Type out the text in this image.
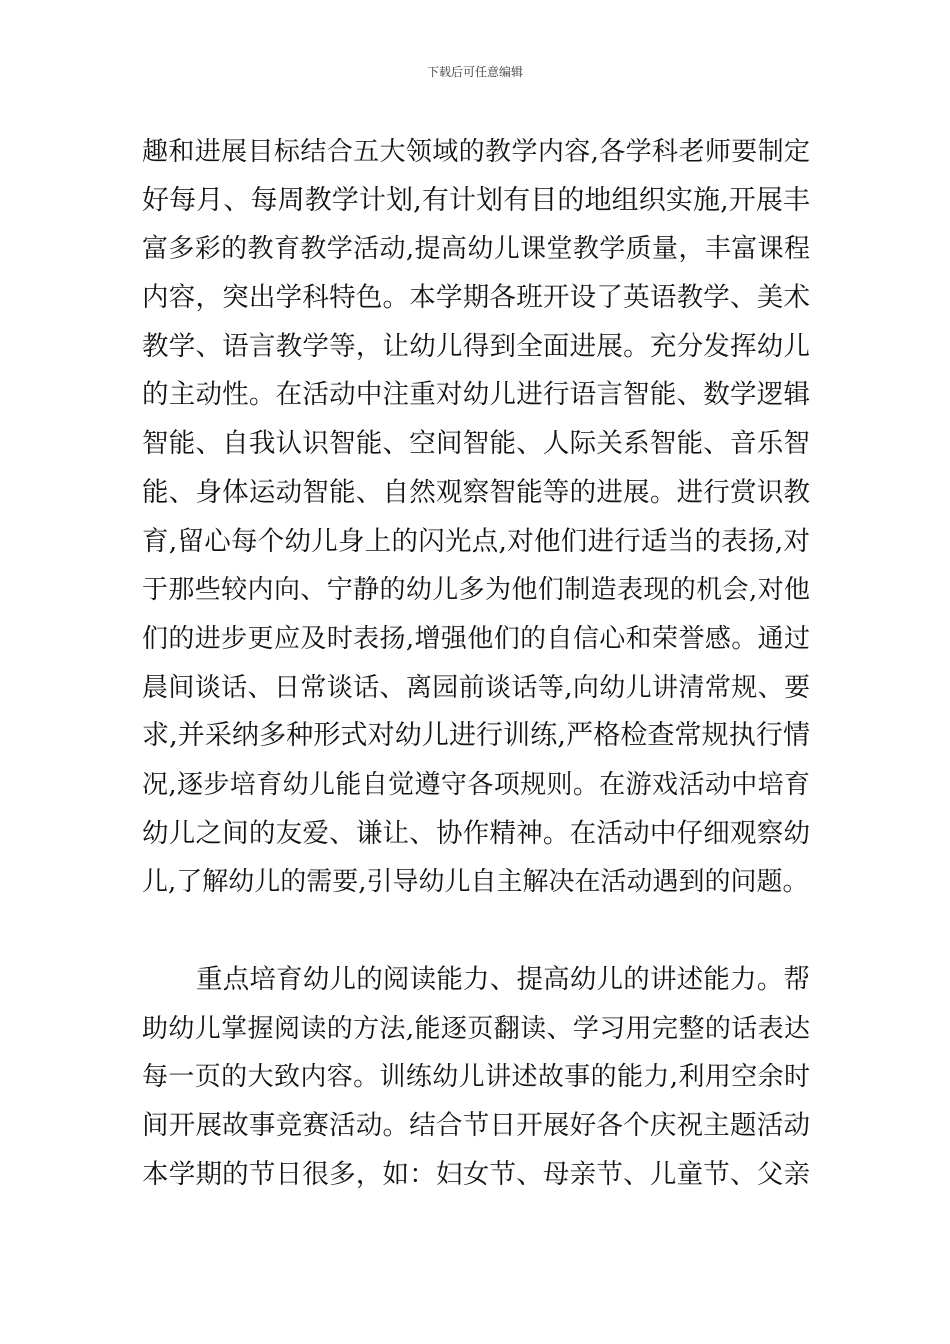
下载后可任意编辑
趣和进展目标结合五大领域的教学内容,各学科老师要制定
好每月、每周教学计划,有计划有目的地组织实施,开展丰
富多彩的教育教学活动,提高幼儿课堂教学质量，丰富课程
内容，突出学科特色。本学期各班开设了英语教学、美术
教学、语言教学等，让幼儿得到全面进展。充分发挥幼儿
的主动性。在活动中注重对幼儿进行语言智能、数学逻辑
智能、自我认识智能、空间智能、人际关系智能、音乐智
能、身体运动智能、自然观察智能等的进展。进行赏识教
育,留心每个幼儿身上的闪光点,对他们进行适当的表扬,对
于那些较内向、宁静的幼儿多为他们制造表现的机会,对他
们的进步更应及时表扬,增强他们的自信心和荣誉感。通过
晨间谈话、日常谈话、离园前谈话等,向幼儿讲清常规、要
求,并采纳多种形式对幼儿进行训练,严格检查常规执行情
况,逐步培育幼儿能自觉遵守各项规则。在游戏活动中培育
幼儿之间的友爱、谦让、协作精神。在活动中仔细观察幼
儿,了解幼儿的需要,引导幼儿自主解决在活动遇到的问题。
重点培育幼儿的阅读能力、提高幼儿的讲述能力。帮
助幼儿掌握阅读的方法,能逐页翻读、学习用完整的话表达
每一页的大致内容。训练幼儿讲述故事的能力,利用空余时
间开展故事竞赛活动。结合节日开展好各个庆祝主题活动
本学期的节日很多，如：妇女节、母亲节、儿童节、父亲
